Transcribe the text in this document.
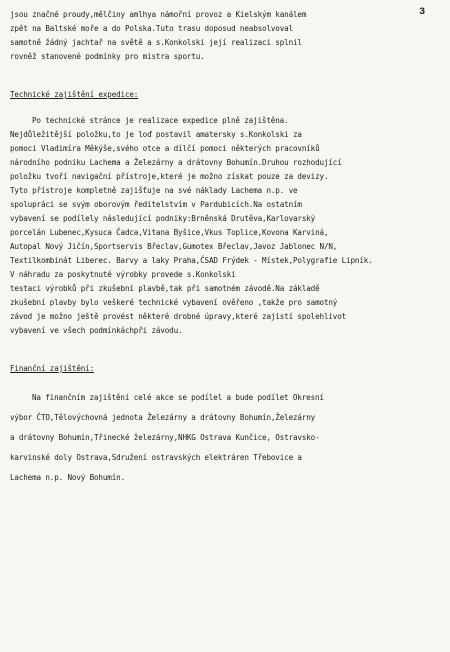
3
jsou značné proudy,mělčiny amlhya námořní provoz a Kielským kanálem
zpět na Baltské moře a do Polska.Tuto trasu doposud neabsolvoval
samotně žádný jachtař na světě a s.Konkolski její realizaci splnil
rovněž stanovené podmínky pro mistra sportu.
Technické zajištění expedice:
Po technické stránce je realizace expedice plně zajištěna.
Nejdůležitější položku,to je loď postavil amatersky s.Konkolski za
pomoci Vladimíra Měkýše,svého otce a dílčí pomoci některých pracovníků
národního podniku Lachema a Železárny a drátovny Bohumín.Druhou rozhodující
položku tvoří navigační přístroje,které je možno získat pouze za devizy.
Tyto přístroje kompletně zajišťuje na své náklady Lachema n.p. ve
spolupráci se svým oborovým ředitelstvím v Pardubicích.Na ostatním
vybavení se podílely následující podniky:Brněnská Drutěva,Karlovarský
porcelán Lubenec,Kysuca Čadca,Vitana Byšice,Vkus Toplice,Kovona Karviná,
Autopal Nový Jičín,Sportservis Břeclav,Gumotex Břeclav,Javoz Jablonec N/N,
Textilkombinát Liberec. Barvy a laky Praha,ČSAD Frýdek - Místek,Polygrafie Lipník.
V náhradu za poskytnuté výrobky provede s.Konkolski
testaci výrobků při zkušební plavbě,tak při samotném závodě.Na základě
zkušební plavby bylo veškeré technické vybavení ověřeno ,takže pro samotný
závod je možno ještě provést některé drobné úpravy,které zajistí spolehlivot
vybavení ve všech podmínkáchpři závodu.
Finanční zajištění:
Na finančním zajištění celé akce se podílel a bude podílet Okresní
výbor ČTO,Tělovýchovná jednota Železárny a drátovny Bohumín,Železárny
a drátovny Bohumín,Třinecké železárny,NHKG Ostrava Kunčice, Ostravsko-
karvinské doly Ostrava,Sdružení ostravských elektráren Třebovice a
Lachema n.p. Nový Bohumín.
